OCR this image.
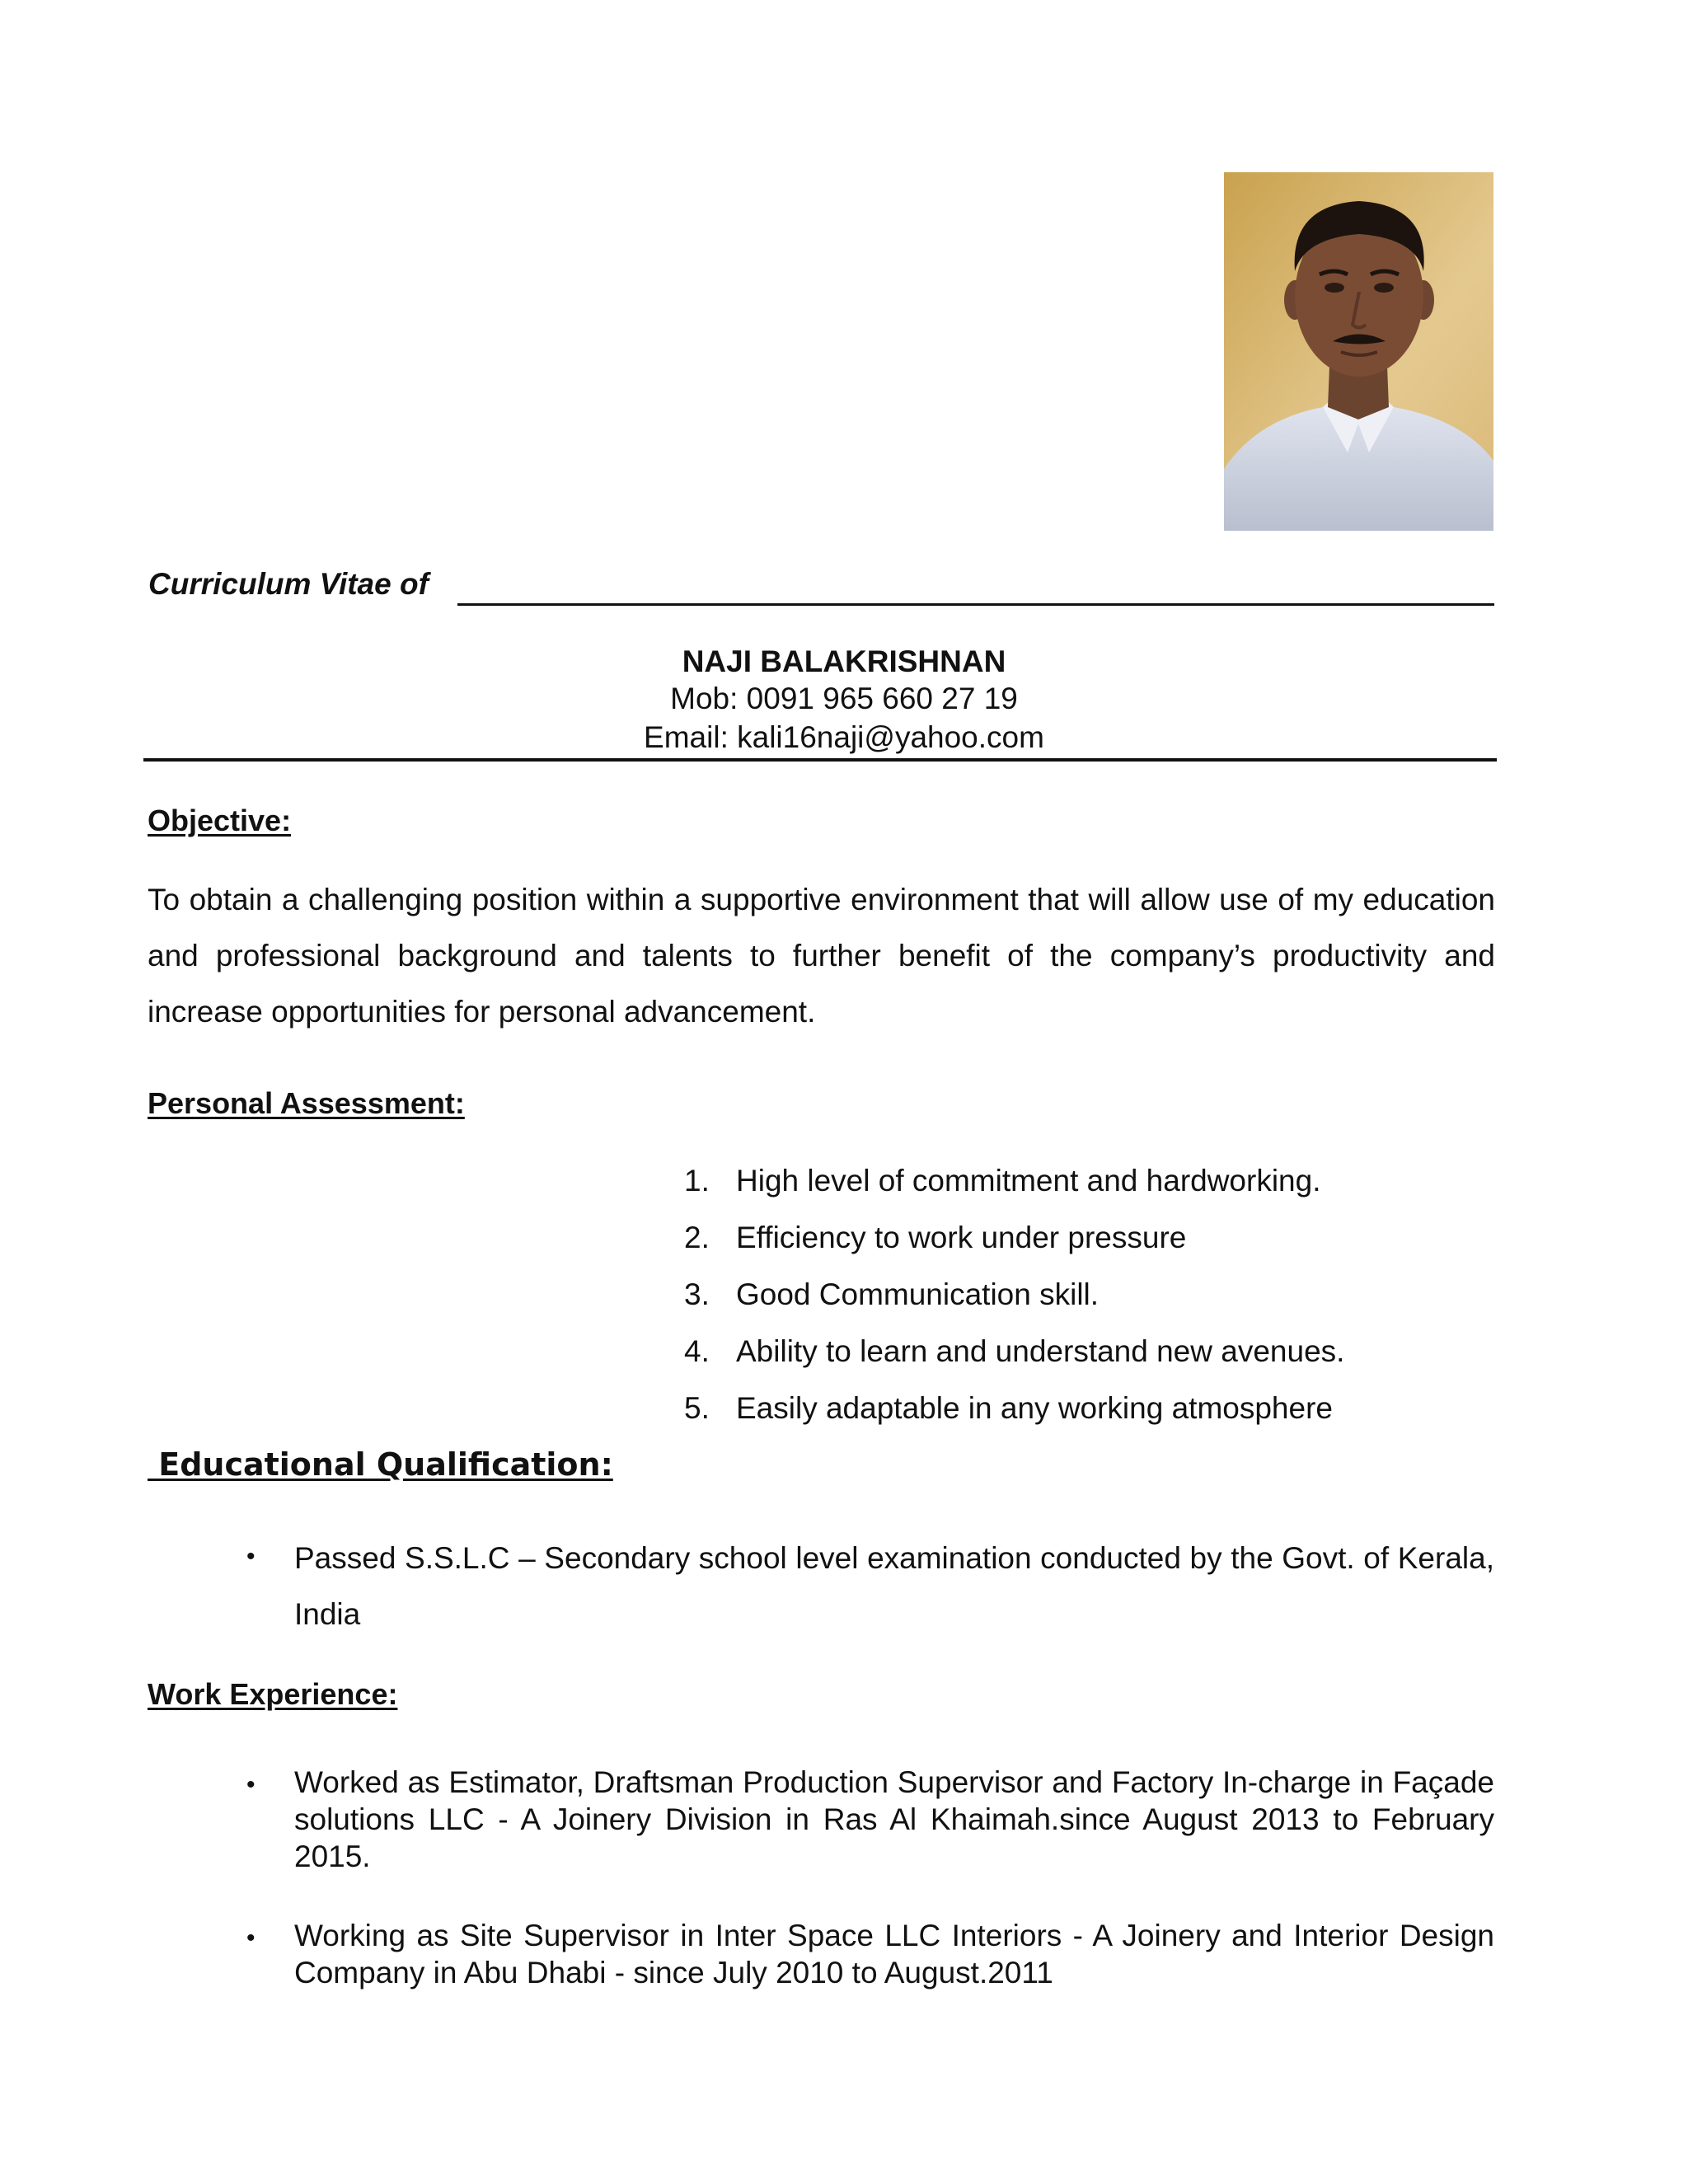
Curriculum Vitae of
NAJI BALAKRISHNAN
Mob: 0091 965 660 27 19
Email: kali16naji@yahoo.com
Objective:
To obtain a challenging position within a supportive environment that will allow use of my education and professional background and talents to further benefit of the company’s productivity and increase opportunities for personal advancement.
Personal Assessment:
1. High level of commitment and hardworking.
2. Efficiency to work under pressure
3. Good Communication skill.
4. Ability to learn and understand new avenues.
5. Easily adaptable in any working atmosphere
Educational Qualification:
• Passed S.S.L.C – Secondary school level examination conducted by the Govt. of Kerala, India
Work Experience:
• Worked as Estimator, Draftsman Production Supervisor and Factory In-charge in Façade solutions LLC - A Joinery Division in Ras Al Khaimah.since August 2013 to February 2015.
• Working as Site Supervisor in Inter Space LLC Interiors - A Joinery and Interior Design Company in Abu Dhabi - since July 2010 to August.2011
